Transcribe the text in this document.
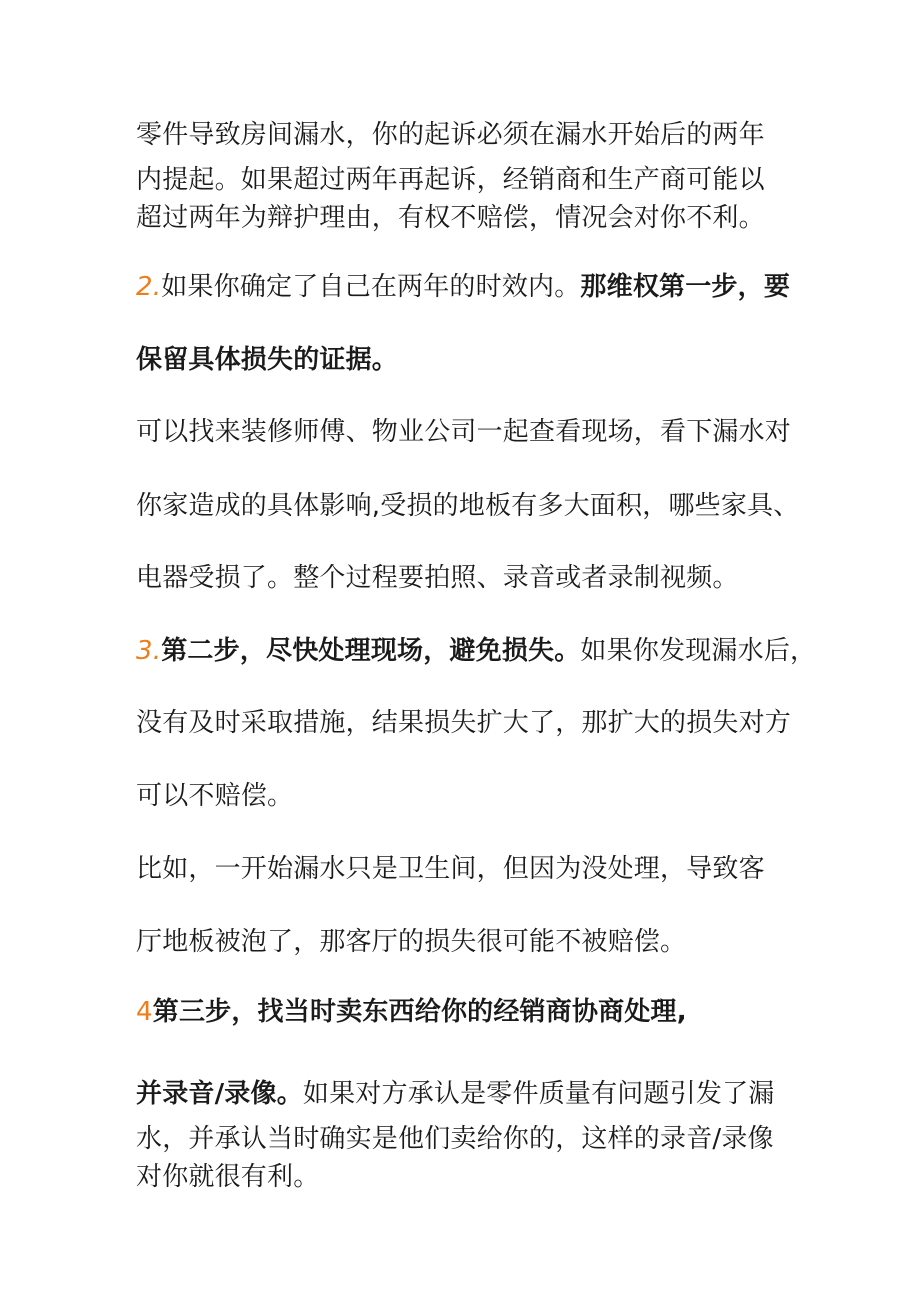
零件导致房间漏水，你的起诉必须在漏水开始后的两年
内提起。如果超过两年再起诉，经销商和生产商可能以
超过两年为辩护理由，有权不赔偿，情况会对你不利。
2.如果你确定了自己在两年的时效内。那维权第一步，要
保留具体损失的证据。
可以找来装修师傅、物业公司一起查看现场，看下漏水对
你家造成的具体影响,受损的地板有多大面积，哪些家具、
电器受损了。整个过程要拍照、录音或者录制视频。
3.第二步，尽快处理现场，避免损失。如果你发现漏水后，
没有及时采取措施，结果损失扩大了，那扩大的损失对方
可以不赔偿。
比如，一开始漏水只是卫生间，但因为没处理，导致客
厅地板被泡了，那客厅的损失很可能不被赔偿。
4第三步，找当时卖东西给你的经销商协商处理,
并录音/录像。如果对方承认是零件质量有问题引发了漏
水，并承认当时确实是他们卖给你的，这样的录音/录像
对你就很有利。
